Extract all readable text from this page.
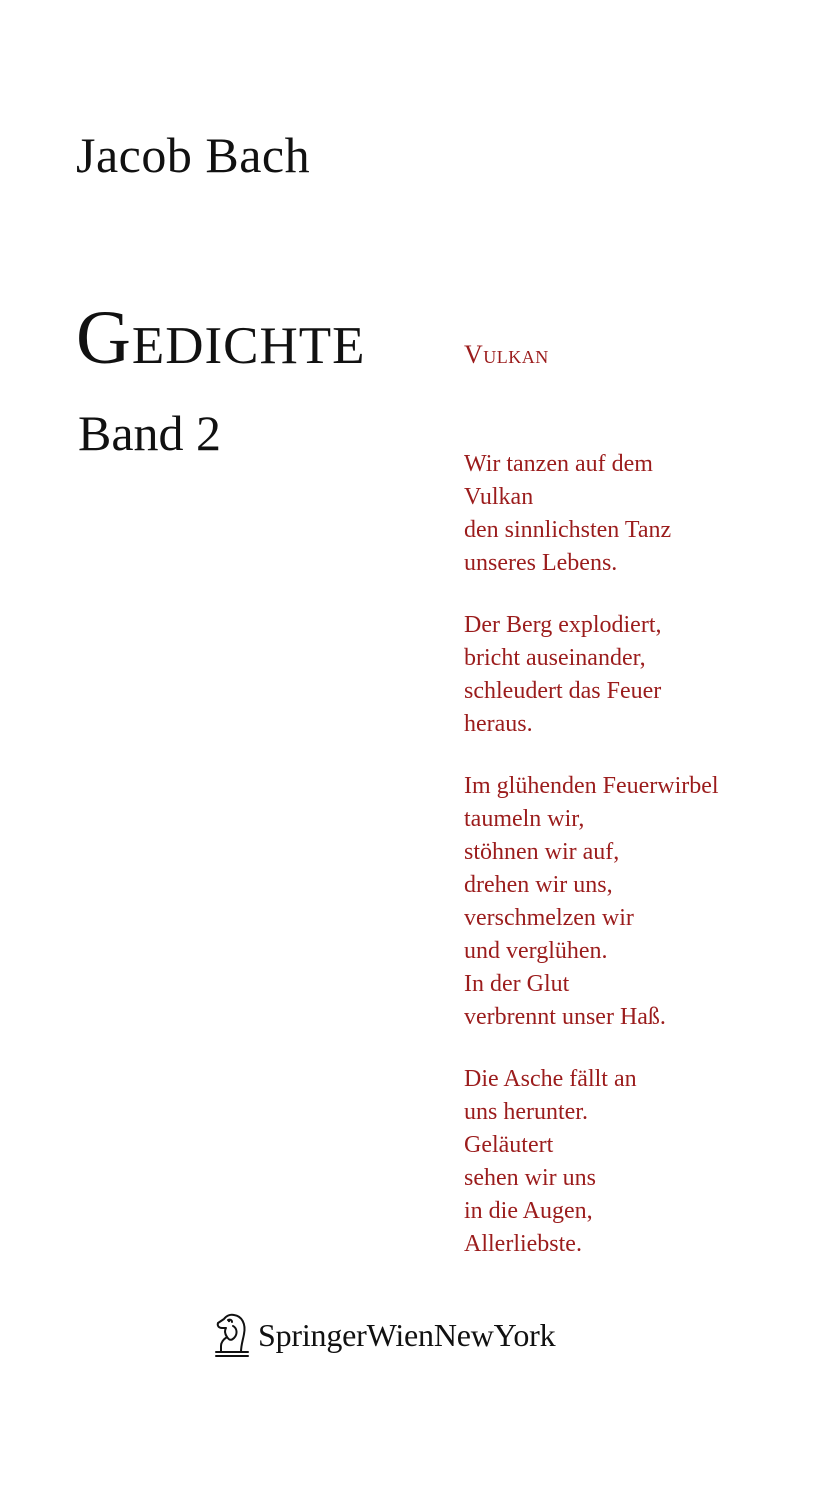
Jacob Bach
Gedichte
Band 2
Vulkan
Wir tanzen auf dem
Vulkan
den sinnlichsten Tanz
unseres Lebens.
Der Berg explodiert,
bricht auseinander,
schleudert das Feuer
heraus.
Im glühenden Feuerwirbel
taumeln wir,
stöhnen wir auf,
drehen wir uns,
verschmelzen wir
und verglühen.
In der Glut
verbrennt unser Haß.
Die Asche fällt an
uns herunter.
Geläutert
sehen wir uns
in die Augen,
Allerliebste.
SpringerWienNewYork
